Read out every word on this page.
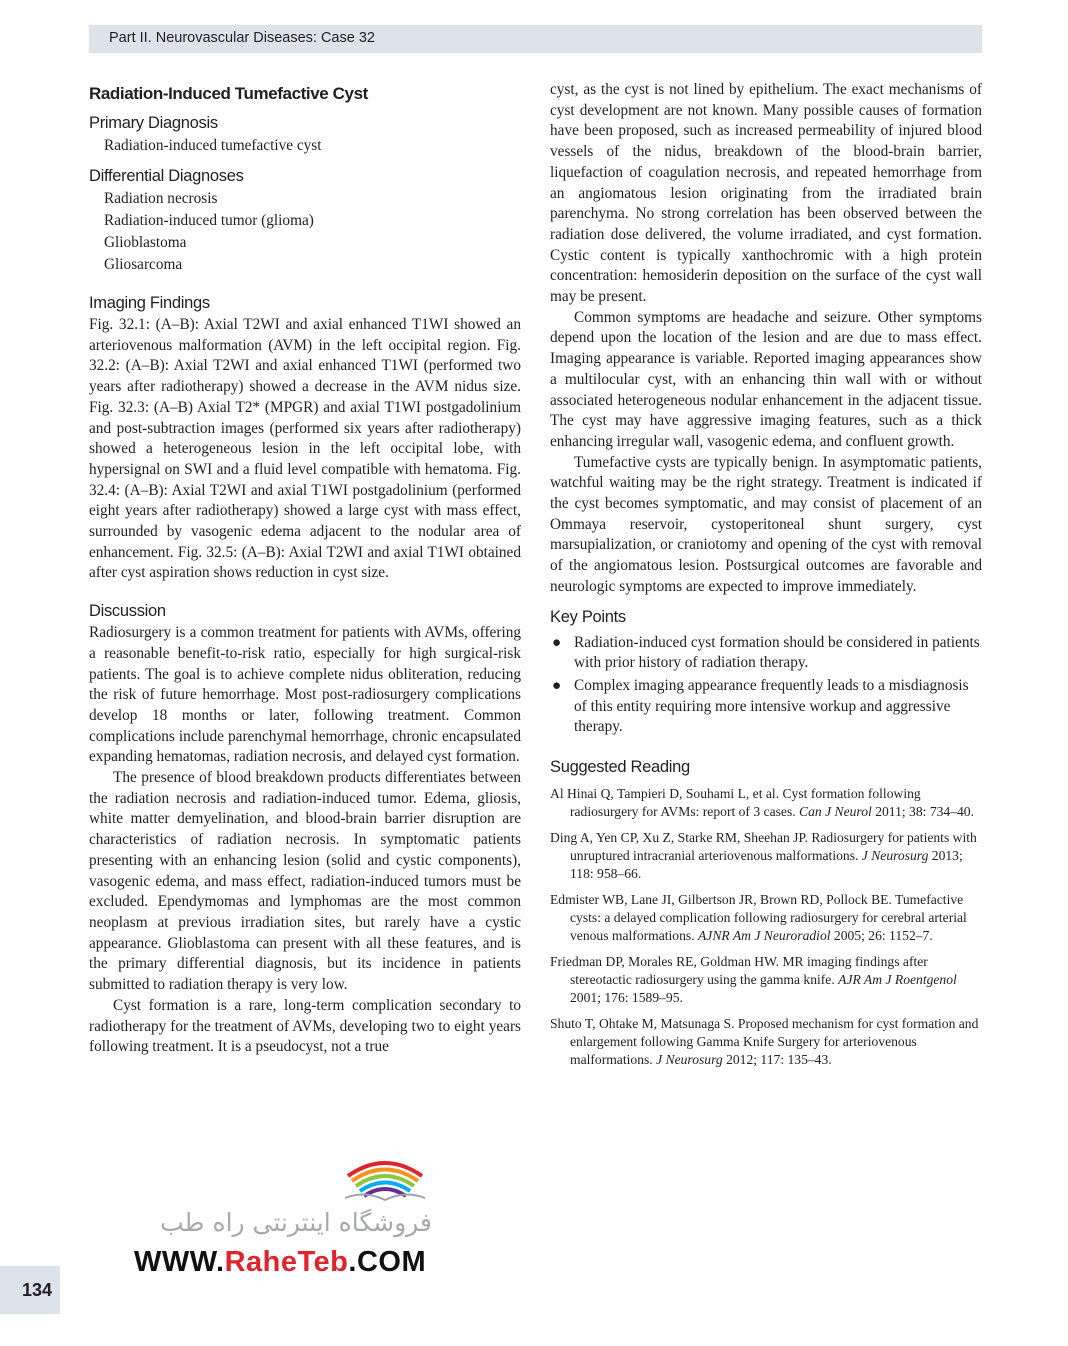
Part II. Neurovascular Diseases: Case 32
Radiation-Induced Tumefactive Cyst
Primary Diagnosis
Radiation-induced tumefactive cyst
Differential Diagnoses
Radiation necrosis
Radiation-induced tumor (glioma)
Glioblastoma
Gliosarcoma
Imaging Findings

Fig. 32.1: (A–B): Axial T2WI and axial enhanced T1WI showed an arteriovenous malformation (AVM) in the left occipital region. Fig. 32.2: (A–B): Axial T2WI and axial enhanced T1WI (performed two years after radiotherapy) showed a decrease in the AVM nidus size. Fig. 32.3: (A–B) Axial T2* (MPGR) and axial T1WI postgadolinium and post-subtraction images (performed six years after radiotherapy) showed a heterogeneous lesion in the left occipital lobe, with hypersignal on SWI and a fluid level compatible with hematoma. Fig. 32.4: (A–B): Axial T2WI and axial T1WI postgadolinium (performed eight years after radiotherapy) showed a large cyst with mass effect, surrounded by vasogenic edema adjacent to the nodular area of enhancement. Fig. 32.5: (A–B): Axial T2WI and axial T1WI obtained after cyst aspiration shows reduction in cyst size.

Discussion

Radiosurgery is a common treatment for patients with AVMs, offering a reasonable benefit-to-risk ratio, especially for high surgical-risk patients. The goal is to achieve complete nidus obliteration, reducing the risk of future hemorrhage. Most post-radiosurgery complications develop 18 months or later, following treatment. Common complications include parenchymal hemorrhage, chronic encapsulated expanding hematomas, radiation necrosis, and delayed cyst formation.

The presence of blood breakdown products differentiates between the radiation necrosis and radiation-induced tumor. Edema, gliosis, white matter demyelination, and blood-brain barrier disruption are characteristics of radiation necrosis. In symptomatic patients presenting with an enhancing lesion (solid and cystic components), vasogenic edema, and mass effect, radiation-induced tumors must be excluded. Ependymomas and lymphomas are the most common neoplasm at previous irradiation sites, but rarely have a cystic appearance. Glioblastoma can present with all these features, and is the primary differential diagnosis, but its incidence in patients submitted to radiation therapy is very low.

Cyst formation is a rare, long-term complication secondary to radiotherapy for the treatment of AVMs, developing two to eight years following treatment. It is a pseudocyst, not a true

cyst, as the cyst is not lined by epithelium. The exact mechanisms of cyst development are not known. Many possible causes of formation have been proposed, such as increased permeability of injured blood vessels of the nidus, breakdown of the blood-brain barrier, liquefaction of coagulation necrosis, and repeated hemorrhage from an angiomatous lesion originating from the irradiated brain parenchyma. No strong correlation has been observed between the radiation dose delivered, the volume irradiated, and cyst formation. Cystic content is typically xanthochromic with a high protein concentration: hemosiderin deposition on the surface of the cyst wall may be present.

Common symptoms are headache and seizure. Other symptoms depend upon the location of the lesion and are due to mass effect. Imaging appearance is variable. Reported imaging appearances show a multilocular cyst, with an enhancing thin wall with or without associated heterogeneous nodular enhancement in the adjacent tissue. The cyst may have aggressive imaging features, such as a thick enhancing irregular wall, vasogenic edema, and confluent growth.

Tumefactive cysts are typically benign. In asymptomatic patients, watchful waiting may be the right strategy. Treatment is indicated if the cyst becomes symptomatic, and may consist of placement of an Ommaya reservoir, cystoperitoneal shunt surgery, cyst marsupialization, or craniotomy and opening of the cyst with removal of the angiomatous lesion. Postsurgical outcomes are favorable and neurologic symptoms are expected to improve immediately.

Key Points
● Radiation-induced cyst formation should be considered in patients with prior history of radiation therapy.
● Complex imaging appearance frequently leads to a misdiagnosis of this entity requiring more intensive workup and aggressive therapy.
Suggested Reading
Al Hinai Q, Tampieri D, Souhami L, et al. Cyst formation following radiosurgery for AVMs: report of 3 cases. Can J Neurol 2011; 38: 734–40.
Ding A, Yen CP, Xu Z, Starke RM, Sheehan JP. Radiosurgery for patients with unruptured intracranial arteriovenous malformations. J Neurosurg 2013; 118: 958–66.
Edmister WB, Lane JI, Gilbertson JR, Brown RD, Pollock BE. Tumefactive cysts: a delayed complication following radiosurgery for cerebral arterial venous malformations. AJNR Am J Neuroradiol 2005; 26: 1152–7.
Friedman DP, Morales RE, Goldman HW. MR imaging findings after stereotactic radiosurgery using the gamma knife. AJR Am J Roentgenol 2001; 176: 1589–95.
Shuto T, Ohtake M, Matsunaga S. Proposed mechanism for cyst formation and enlargement following Gamma Knife Surgery for arteriovenous malformations. J Neurosurg 2012; 117: 135–43.
فروشگاه اینترنتی راه طب
WWW.RaheTeb.COM
134
